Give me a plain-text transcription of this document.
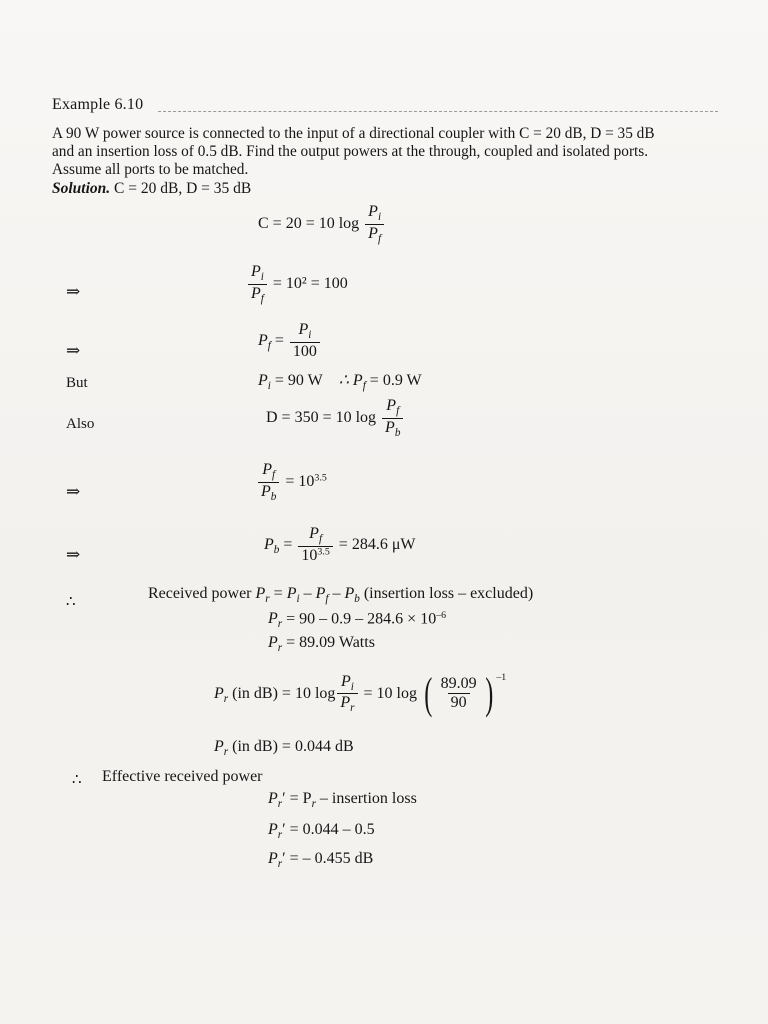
Example 6.10
A 90 W power source is connected to the input of a directional coupler with C = 20 dB, D = 35 dB
and an insertion loss of 0.5 dB. Find the output powers at the through, coupled and isolated ports.
Assume all ports to be matched.
Solution. C = 20 dB, D = 35 dB
C = 20 = 10 $\log \frac{P_i}{P_f}$
⇒	$\frac{P_i}{P_f} = 10^2 = 100$
⇒
$P_f = \frac{P_i}{100}$
But	$P_i = 90$ W ∴ $P_f = 0.9$ W
Also	D = 350 = 10 $\log \frac{P_f}{P_b}$
⇒	$\frac{P_f}{P_b} = 10^{3.5}$
⇒
$P_b = \frac{P_f}{10^{3.5}} = 284.6$ μW
∴	Received power $P_r = P_i - P_f - P_b$ (insertion loss – excluded)
$P_r = 90 - 0.9 - 284.6 \times 10^{-6}$
$P_r = 89.09$ Watts
$P_r$ (in dB) = 10 $\log \frac{P_i}{P_r} = 10$ log ( $\frac{89.09}{90}$ ) $^{-1}$
$P_r$ (in dB) = 0.044 dB
∴ Effective received power
$P_r' = P_r$ – insertion loss
$P_r' = 0.044 - 0.5$
$P_r'$ = – 0.455 dB
